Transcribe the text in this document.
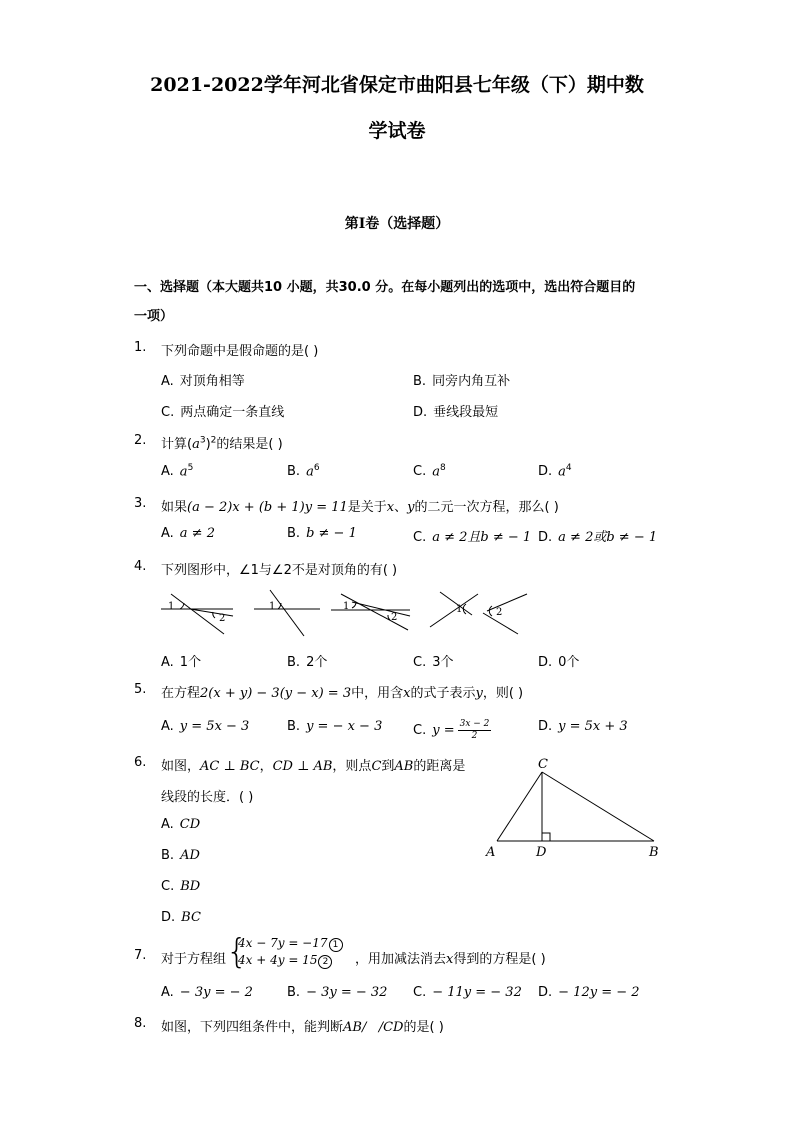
2021-2022学年河北省保定市曲阳县七年级（下）期中数
学试卷
第I卷（选择题）
一、选择题（本大题共10 小题，共30.0 分。在每小题列出的选项中，选出符合题目的
一项）
1.	下列命题中是假命题的是( )
A. 对顶角相等	B. 同旁内角互补
C. 两点确定一条直线	D. 垂线段最短
2.	计算$(a^3)^2$的结果是( )
A. $a^5$	B. $a^6$	C. $a^8$	D. $a^4$
3.	如果(a − 2)x + (b + 1)y = 11是关于x、y的二元一次方程，那么( )
A. a ≠ 2	B. b ≠ − 1	C. a ≠ 2且b ≠ − 1 D. a ≠ 2或b ≠ − 1
4.	下列图形中，∠1与∠2不是对顶角的有( )
1
2
1	1
2
1	2
A. 1个	B. 2个	C. 3个	D. 0个
5.	在方程2(x + y) − 3(y − x) = 3中，用含x的式子表示y，则( )
A. y = 5x − 3	B. y = − x − 3 C. $y = \frac{3x - 2}{2}$	D. y = 5x + 3
6.	如图，AC ⊥ BC，CD ⊥ AB，则点C到AB的距离是
线段的长度．( )
A. CD
B. AD
C. BD
D. BC
C
A	D	B
7.	对于方程组 {
4x − 7y = −17 1
4x + 4y = 15 2	，用加减法消去x得到的方程是( )
A. − 3y = − 2	B. − 3y = − 32 C. − 11y = − 32 D. − 12y = − 2
8.	如图，下列四组条件中，能判断AB/   /CD的是( )
